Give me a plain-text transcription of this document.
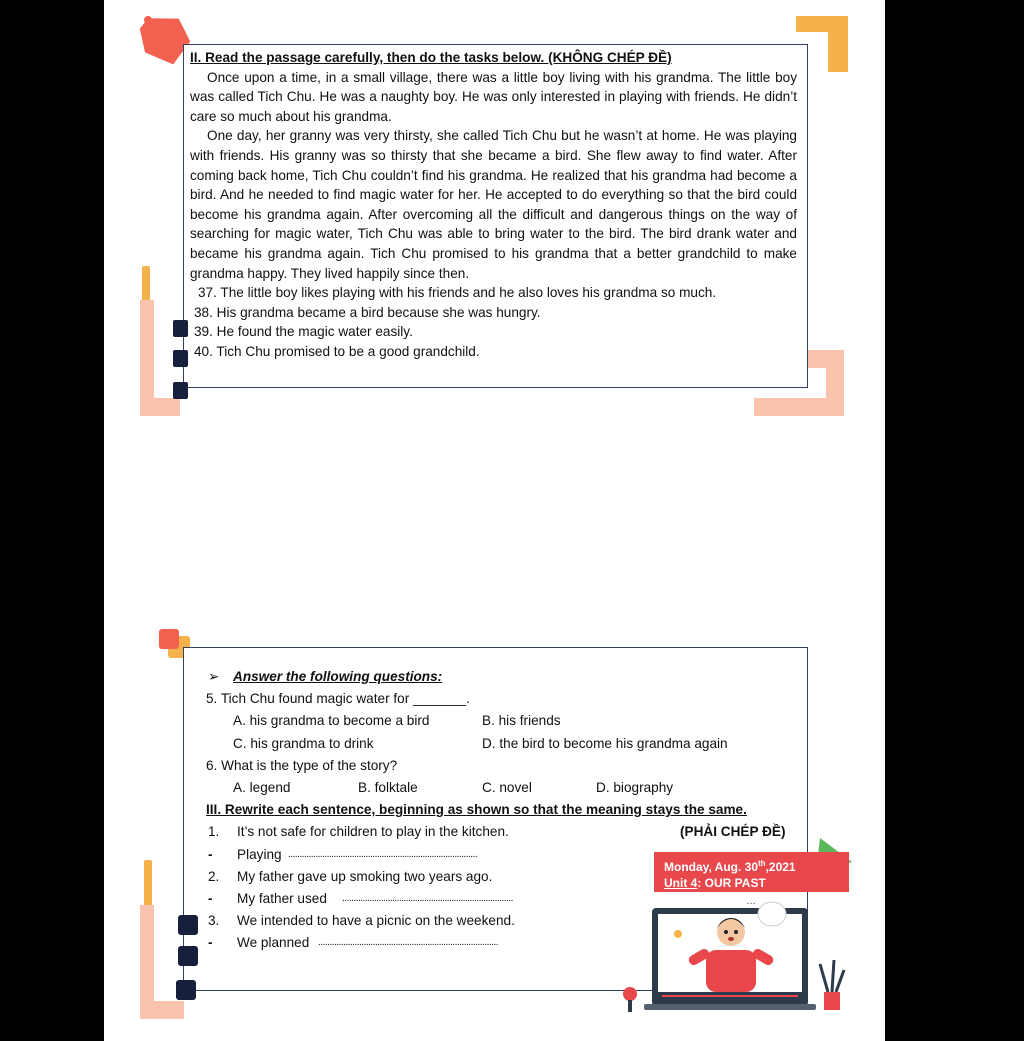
II. Read the passage carefully, then do the tasks below. (KHÔNG CHÉP ĐỀ)

Once upon a time, in a small village, there was a little boy living with his grandma. The little boy was called Tich Chu. He was a naughty boy. He was only interested in playing with friends. He didn’t care so much about his grandma.

One day, her granny was very thirsty, she called Tich Chu but he wasn’t at home. He was playing with friends. His granny was so thirsty that she became a bird. She flew away to find water. After coming back home, Tich Chu couldn’t find his grandma. He realized that his grandma had become a bird. And he needed to find magic water for her. He accepted to do everything so that the bird could become his grandma again. After overcoming all the difficult and dangerous things on the way of searching for magic water, Tich Chu was able to bring water to the bird. The bird drank water and became his grandma again. Tich Chu promised to his grandma that a better grandchild to make grandma happy. They lived happily since then.

37. The little boy likes playing with his friends and he also loves his grandma so much.

38. His grandma became a bird because she was hungry.

39. He found the magic water easily.

40. Tich Chu promised to be a good grandchild.

➢ Answer the following questions:
5. Tich Chu found magic water for _______.
A. his grandma to become a bird	B. his friends
C. his grandma to drink	D. the bird to become his grandma again
6. What is the type of the story?
A. legend	B. folktale	C. novel	D. biography
III. Rewrite each sentence, beginning as shown so that the meaning stays the same.
1. It’s not safe for children to play in the kitchen.	(PHẢI CHÉP ĐỀ)
- Playing ...................................................................................
2. My father gave up smoking two years ago.
- My father used ...........................................................................
3. We intended to have a picnic on the weekend.
- We planned ...............................................................................
Monday, Aug. 30th,2021
Unit 4: OUR PAST
…
